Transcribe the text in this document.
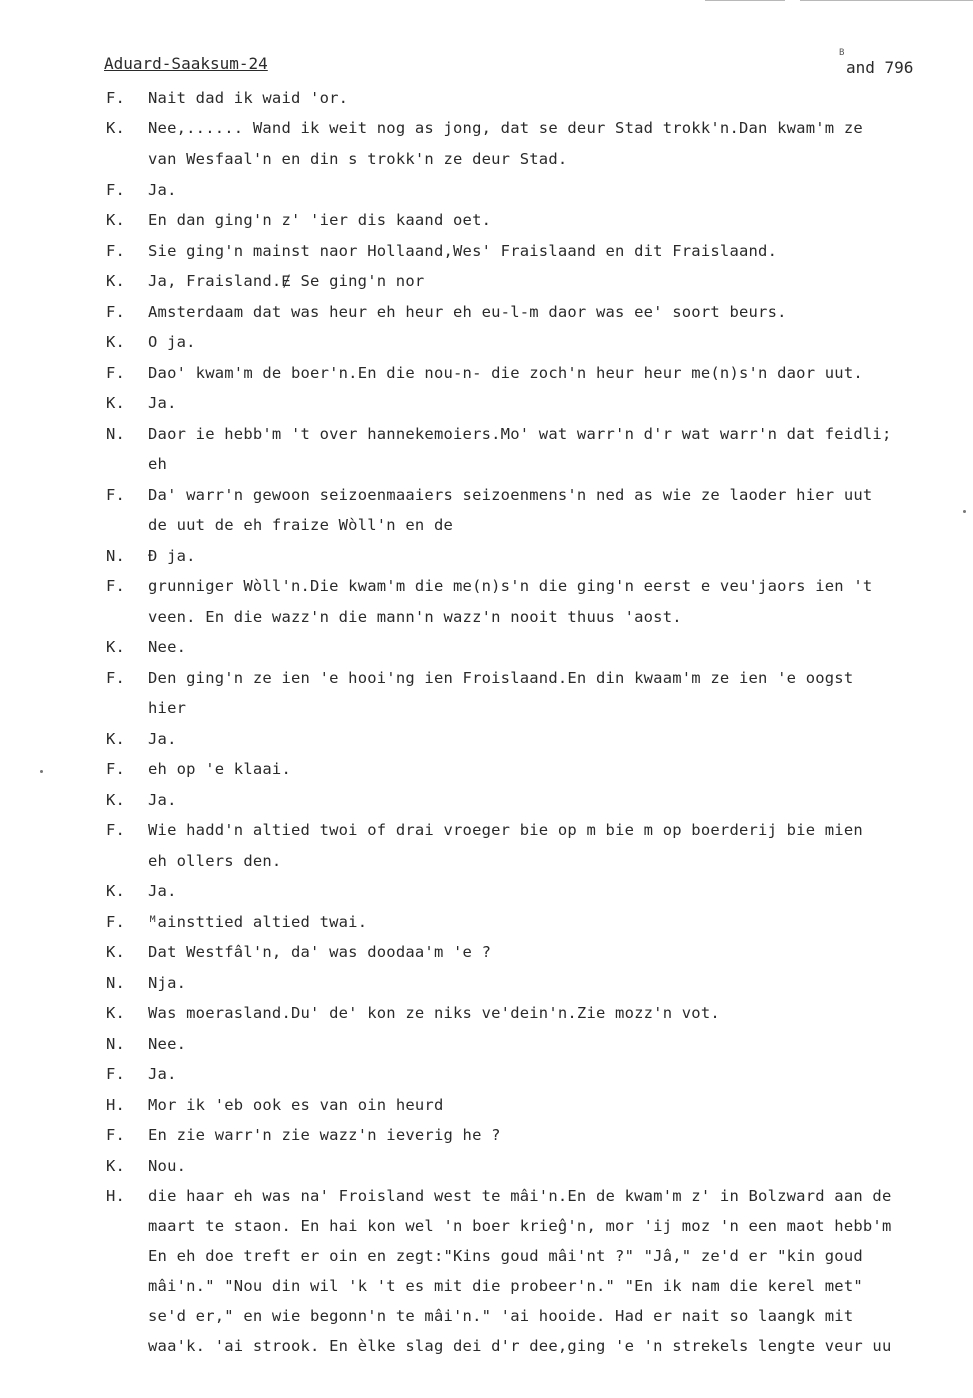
Aduard-Saaksum-24
B
and 796
F.	Nait dad ik waid 'or.
K.	Nee,...... Wand ik weit nog as jong, dat se deur Stad trokk'n.Dan kwam'm ze
van Wesfaal'n en din s trokk'n ze deur Stad.
F.	Ja.
K.	En dan ging'n z' 'ier dis kaand oet.
F.	Sie ging'n mainst naor Hollaand,Wes' Fraislaand en dit Fraislaand.
K.	Ja, Fraisland.Ɇ Se ging'n nor
F.	Amsterdaam dat was heur eh heur eh eu-l-m daor was ee' soort beurs.
K.	O ja.
F.	Dao' kwam'm de boer'n.En die nou-n- die zoch'n heur heur me(n)s'n daor uut.
K.	Ja.
N.	Daor ie hebb'm 't over hannekemoiers.Mo' wat warr'n d'r wat warr'n dat feidli;
eh
F.	Da' warr'n gewoon seizoenmaaiers seizoenmens'n ned as wie ze laoder hier uut
de uut de eh fraize Wòll'n en de
N.	Ɖ ja.
F.	grunniger Wòll'n.Die kwam'm die me(n)s'n die ging'n eerst e veu'jaors ien 't
veen. En die wazz'n die mann'n wazz'n nooit thuus 'aost.
K.	Nee.
F.	Den ging'n ze ien 'e hooi'ng ien Froislaand.En din kwaam'm ze ien 'e oogst
hier
K.	Ja.
F.	eh op 'e klaai.
K.	Ja.
F.	Wie hadd'n altied twoi of drai vroeger bie op m bie m op boerderij bie mien
eh ollers den.
K.	Ja.
F.	ᴹainsttied altied twai.
K.	Dat Westfâl'n, da' was doodaa'm 'e ?
N.	Nja.
K.	Was moerasland.Du' de' kon ze niks ve'dein'n.Zie mozz'n vot.
N.	Nee.
F.	Ja.
H.	Mor ik 'eb ook es van oin heurd
F.	En zie warr'n zie wazz'n ieverig he ?
K.	Nou.
H.	die haar eh was na' Froisland west te mâi'n.En de kwam'm z' in Bolzward aan de
maart te staon. En hai kon wel 'n boer krieĝ'n, mor 'ij moz 'n een maot hebb'm
En eh doe treft er oin en zegt:"Kins goud mâi'nt ?" "Jâ," ze'd er "kin goud
mâi'n." "Nou din wil 'k 't es mit die probeer'n." "En ik nam die kerel met"
se'd er," en wie begonn'n te mâi'n." 'ai hooide. Had er nait so laangk mit
waa'k. 'ai strook. En èlke slag dei d'r dee,ging 'e 'n strekels lengte veur uu
